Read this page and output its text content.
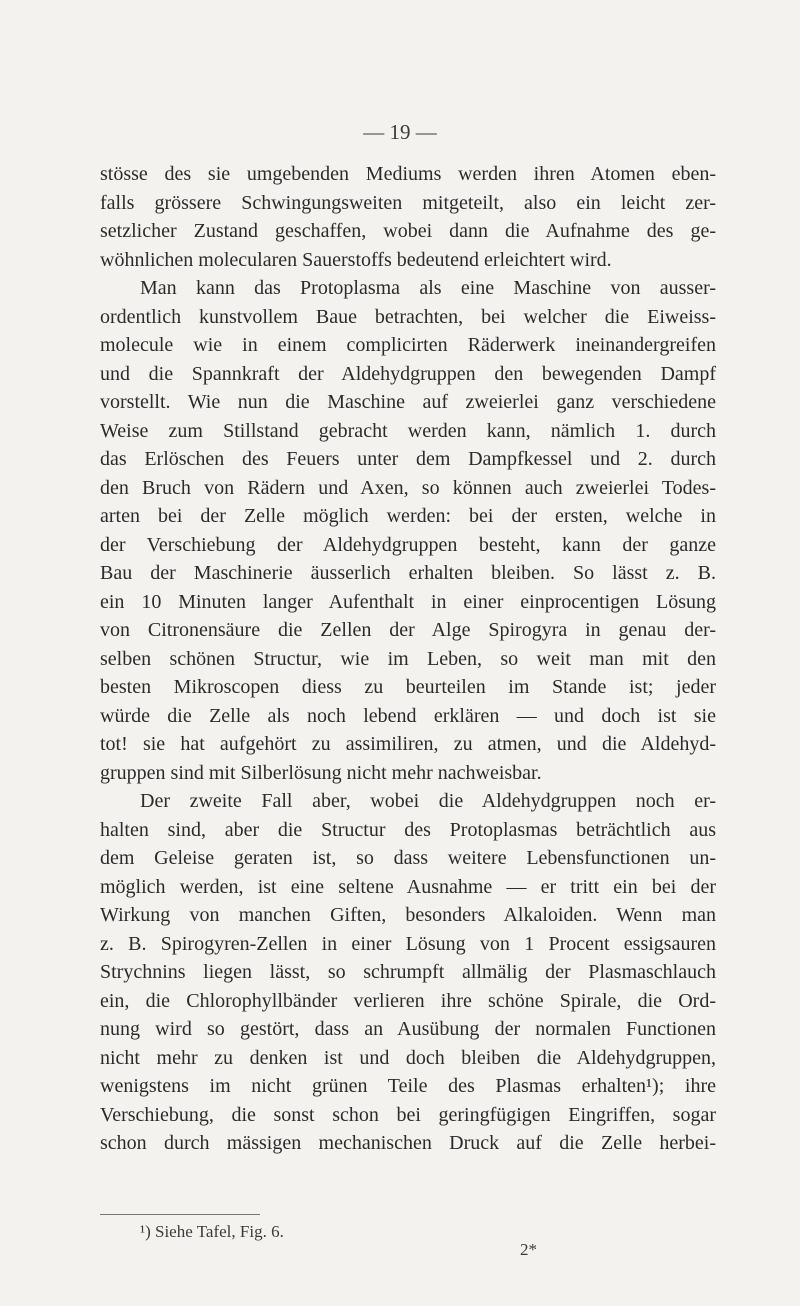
— 19 —
stösse des sie umgebenden Mediums werden ihren Atomen eben-
falls grössere Schwingungsweiten mitgeteilt, also ein leicht zer-
setzlicher Zustand geschaffen, wobei dann die Aufnahme des ge-
wöhnlichen molecularen Sauerstoffs bedeutend erleichtert wird.
Man kann das Protoplasma als eine Maschine von ausser-
ordentlich kunstvollem Baue betrachten, bei welcher die Eiweiss-
molecule wie in einem complicirten Räderwerk ineinandergreifen
und die Spannkraft der Aldehydgruppen den bewegenden Dampf
vorstellt. Wie nun die Maschine auf zweierlei ganz verschiedene
Weise zum Stillstand gebracht werden kann, nämlich 1. durch
das Erlöschen des Feuers unter dem Dampfkessel und 2. durch
den Bruch von Rädern und Axen, so können auch zweierlei Todes-
arten bei der Zelle möglich werden: bei der ersten, welche in
der Verschiebung der Aldehydgruppen besteht, kann der ganze
Bau der Maschinerie äusserlich erhalten bleiben. So lässt z. B.
ein 10 Minuten langer Aufenthalt in einer einprocentigen Lösung
von Citronensäure die Zellen der Alge Spirogyra in genau der-
selben schönen Structur, wie im Leben, so weit man mit den
besten Mikroscopen diess zu beurteilen im Stande ist; jeder
würde die Zelle als noch lebend erklären — und doch ist sie
tot! sie hat aufgehört zu assimiliren, zu atmen, und die Aldehyd-
gruppen sind mit Silberlösung nicht mehr nachweisbar.
Der zweite Fall aber, wobei die Aldehydgruppen noch er-
halten sind, aber die Structur des Protoplasmas beträchtlich aus
dem Geleise geraten ist, so dass weitere Lebensfunctionen un-
möglich werden, ist eine seltene Ausnahme — er tritt ein bei der
Wirkung von manchen Giften, besonders Alkaloiden. Wenn man
z. B. Spirogyren-Zellen in einer Lösung von 1 Procent essigsauren
Strychnins liegen lässt, so schrumpft allmälig der Plasmaschlauch
ein, die Chlorophyllbänder verlieren ihre schöne Spirale, die Ord-
nung wird so gestört, dass an Ausübung der normalen Functionen
nicht mehr zu denken ist und doch bleiben die Aldehydgruppen,
wenigstens im nicht grünen Teile des Plasmas erhalten¹); ihre
Verschiebung, die sonst schon bei geringfügigen Eingriffen, sogar
schon durch mässigen mechanischen Druck auf die Zelle herbei-
¹) Siehe Tafel, Fig. 6.
2*
